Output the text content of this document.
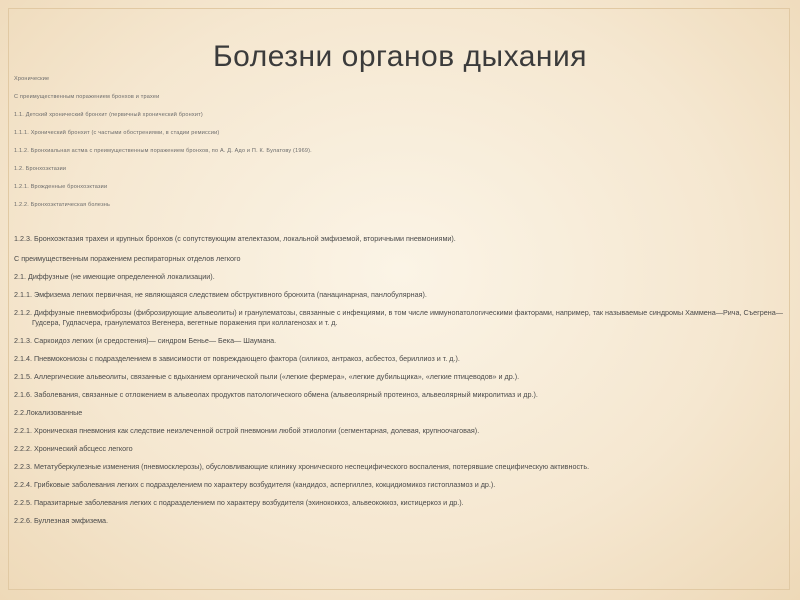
Болезни органов дыхания
Хронические
С преимущественным поражением бронхов и трахеи
1.1. Детский хронический бронхит (первичный хронический бронхит)
1.1.1. Хронический бронхит (с частыми обострениями, в стадии ремиссии)
1.1.2. Бронхиальная астма с преимущественным поражением бронхов, по А. Д. Адо и П. К. Булатову (1969).
1.2. Бронхоэктазии
1.2.1. Врожденные бронхоэктазии
1.2.2. Бронхоэктатическая болезнь
1.2.3. Бронхоэктазия трахеи и крупных бронхов (с сопутствующим ателектазом, локальной эмфиземой, вторичными пневмониями).
С преимущественным поражением респираторных отделов легкого
2.1. Диффузные (не имеющие определенной локализации).
2.1.1. Эмфизема легких первичная, не являющаяся следствием обструктивного бронхита (панацинарная, панлобулярная).
2.1.2. Диффузные пневмофиброзы (фиброзирующие альвеолиты) и гранулематозы, связанные с инфекциями, в том числе иммунопатологическими факторами, например, так называемые синдромы Хаммена—Рича, Съегрена—
Гудсера, Гудпасчера, гранулематоз Вегенера, вегетные поражения при коллагенозах и т. д.
2.1.3. Саркоидоз легких (и средостения)— синдром Бенье— Бека— Шаумана.
2.1.4. Пневмокониозы с подразделением в зависимости от повреждающего фактора (силикоз, антракоз, асбестоз, бериллиоз и т. д.).
2.1.5. Аллергические альвеолиты, связанные с вдыханием органической пыли («легкие фермера», «легкие дубильщика», «легкие птицеводов» и др.).
2.1.6. Заболевания, связанные с отложением в альвеолах продуктов патологического обмена (альвеолярный протеиноз, альвеолярный микролитиаз и др.).
2.2.Локализованные
2.2.1. Хроническая пневмония как следствие неизлеченной острой пневмонии любой этиологии (сегментарная, долевая, крупноочаговая).
2.2.2. Хронический абсцесс легкого
2.2.3. Метатуберкулезные изменения (пневмосклерозы), обусловливающие клинику хронического неспецифического воспаления, потерявшие специфическую активность.
2.2.4. Грибковые заболевания легких с подразделением по характеру возбудителя (кандидоз, аспергиллез, кокцидиомикоз гистоплазмоз и др.).
2.2.5. Паразитарные заболевания легких с подразделением по характеру возбудителя (эхинококкоз, альвеококкоз, кистицеркоз и др.).
2.2.6. Буллезная эмфизема.
